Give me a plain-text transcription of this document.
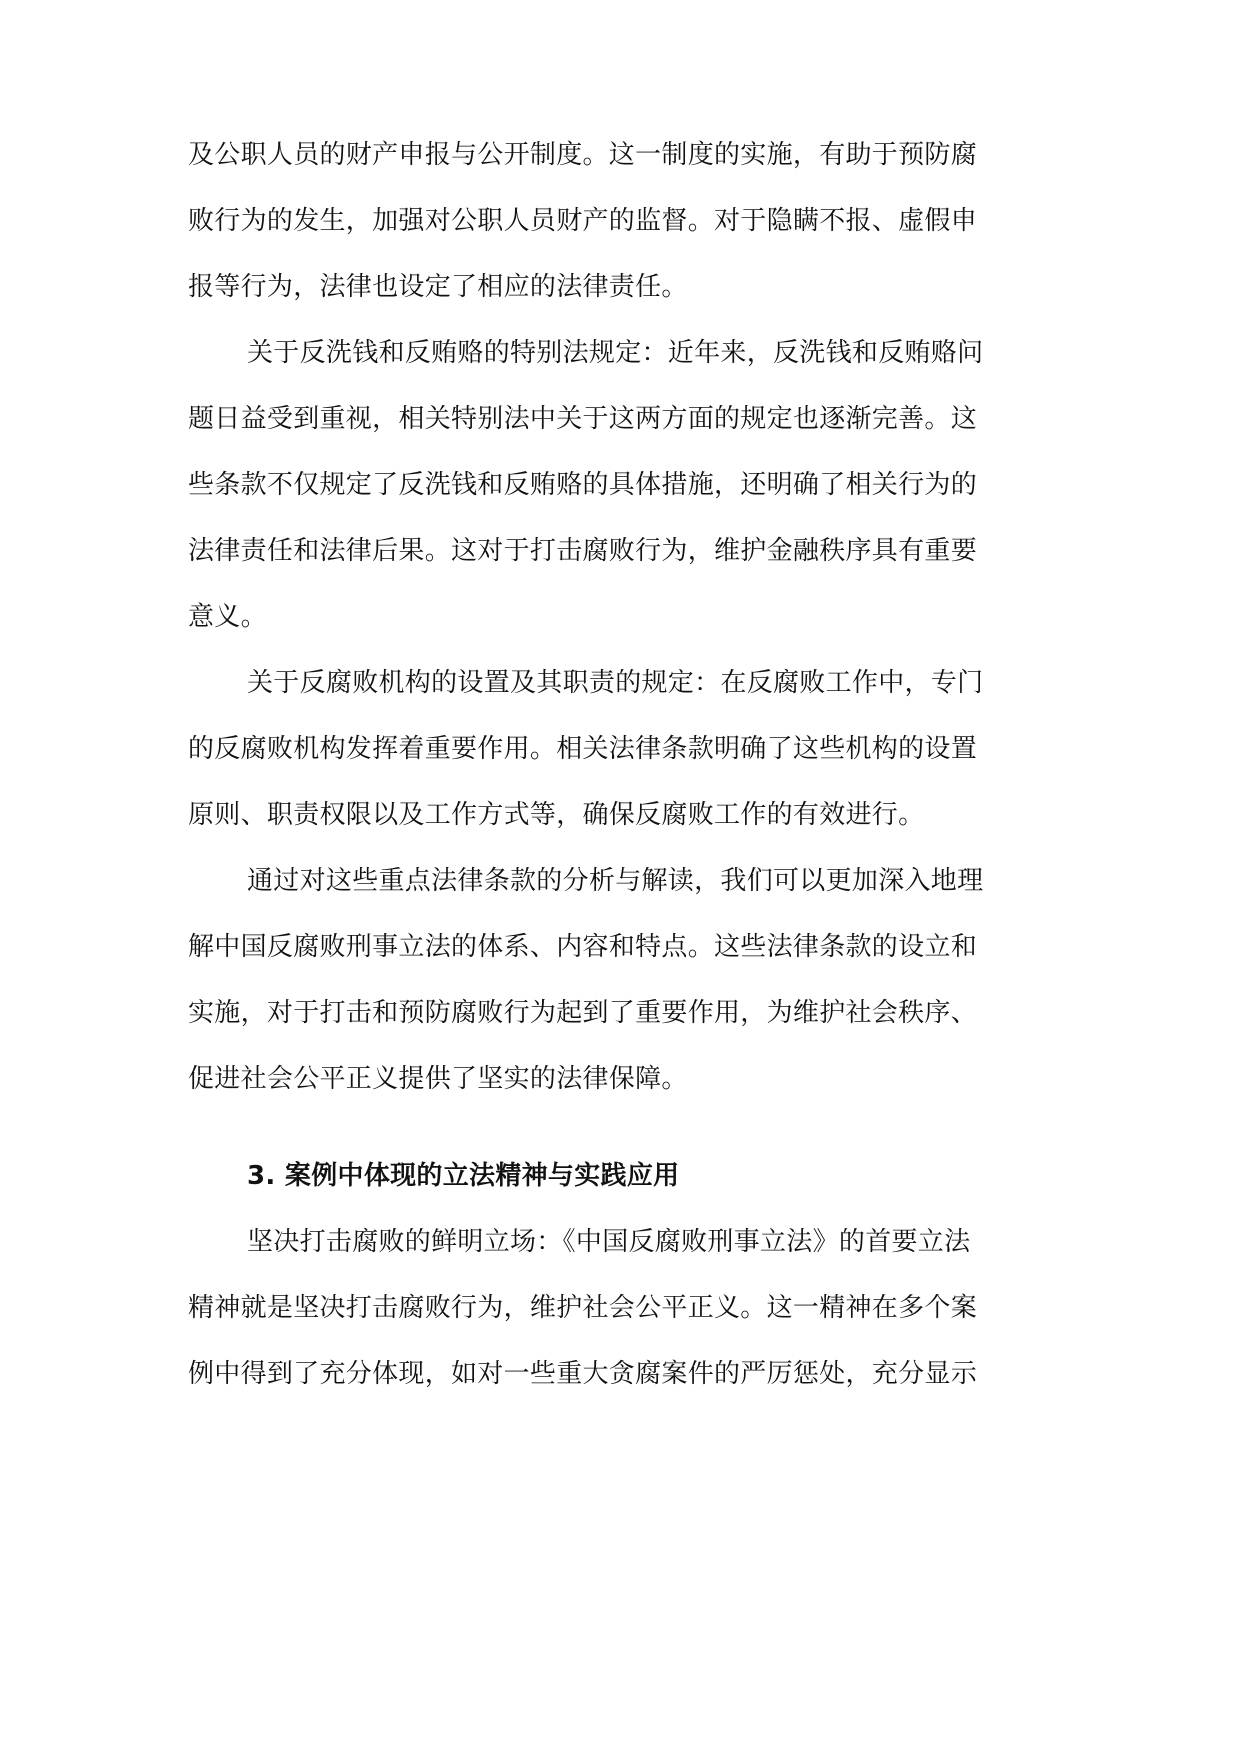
及公职人员的财产申报与公开制度。这一制度的实施，有助于预防腐
败行为的发生，加强对公职人员财产的监督。对于隐瞒不报、虚假申
报等行为，法律也设定了相应的法律责任。
关于反洗钱和反贿赂的特别法规定：近年来，反洗钱和反贿赂问
题日益受到重视，相关特别法中关于这两方面的规定也逐渐完善。这
些条款不仅规定了反洗钱和反贿赂的具体措施，还明确了相关行为的
法律责任和法律后果。这对于打击腐败行为，维护金融秩序具有重要
意义。
关于反腐败机构的设置及其职责的规定：在反腐败工作中，专门
的反腐败机构发挥着重要作用。相关法律条款明确了这些机构的设置
原则、职责权限以及工作方式等，确保反腐败工作的有效进行。
通过对这些重点法律条款的分析与解读，我们可以更加深入地理
解中国反腐败刑事立法的体系、内容和特点。这些法律条款的设立和
实施，对于打击和预防腐败行为起到了重要作用，为维护社会秩序、
促进社会公平正义提供了坚实的法律保障。
3. 案例中体现的立法精神与实践应用
坚决打击腐败的鲜明立场：《中国反腐败刑事立法》的首要立法
精神就是坚决打击腐败行为，维护社会公平正义。这一精神在多个案
例中得到了充分体现，如对一些重大贪腐案件的严厉惩处，充分显示
